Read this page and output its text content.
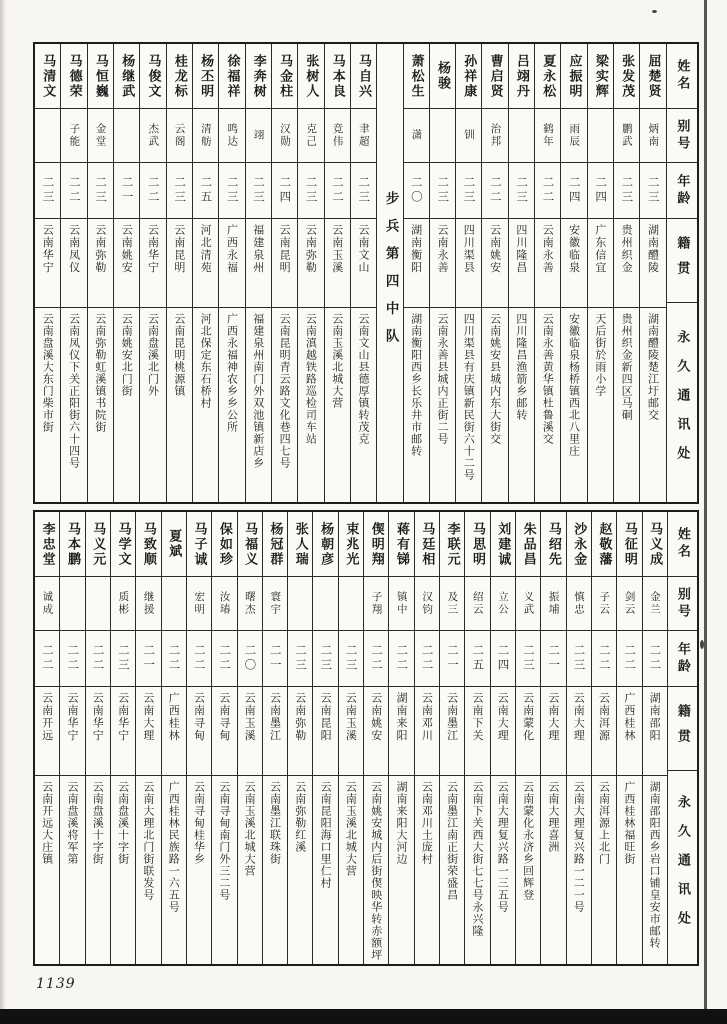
姓名
别号
年龄
籍贯
永久通讯处
屈楚贤
炳南
二三
湖南醴陵
湖南醴陵楚江圩邮交
张发茂
鹏武
二三
贵州织金
贵州织金新四区马硐
梁实辉
二四
广东信宜
天后街於雨小学
应振明
雨辰
二四
安徽临泉
安徽临泉杨桥镇西北八里庄
夏永松
鹤年
二二
云南永善
云南永善黄华镇杜鲁溪交
吕翊丹
二三
四川隆昌
四川隆昌渔箭乡邮转
曹启贤
治邦
二二
云南姚安
云南姚安县城内东大街交
孙祥康
钏
二三
四川渠县
四川渠县有庆镇新民街六十二号
杨骏
二三
云南永善
云南永善县城内正街二号
萧松生
潇
二〇
湖南衡阳
湖南衡阳西乡长乐井市邮转
步兵第四中队
马自兴
聿超
二三
云南文山
云南文山县德厚镇转茂克
马本良
竞伟
二二
云南玉溪
云南玉溪北城大营
张树人
克己
二三
云南弥勒
云南滇越铁路巡检司车站
马金柱
汉勋
二四
云南昆明
云南昆明青云路文化巷四七号
李奔树
翊
二三
福建泉州
福建泉州南门外双池镇新店乡
徐福祥
鸣达
二三
广西永福
广西永福神农乡乡公所
杨丕明
清舫
二五
河北清苑
河北保定东石桥村
桂龙标
云阁
二三
云南昆明
云南昆明桃源镇
马俊文
杰武
二二
云南华宁
云南盘溪北门外
杨继武
二一
云南姚安
云南姚安北门街
马恒巍
金堂
二三
云南弥勒
云南弥勒虹溪镇书院街
马德荣
子能
二二
云南凤仪
云南凤仪下关正阳街六十四号
马清文
二三
云南华宁
云南盘溪大东门柴市街
姓名
别号
年龄
籍贯
永久通讯处
马义成
金兰
二二
湖南邵阳
湖南邵阳西乡岩口铺皇安市邮转
马征明
剑云
二二
广西桂林
广西桂林福旺街
赵敬藩
子云
二二
云南洱源
云南洱源上北门
沙永金
慎忠
二三
云南大理
云南大理复兴路一二一号
马绍先
振埔
二一
云南大理
云南大理喜洲
朱品昌
义武
二三
云南蒙化
云南蒙化永济乡回辉登
刘建诚
立公
二四
云南大理
云南大理复兴路一三五号
马思明
绍云
二五
云南下关
云南下关西大街七七号永兴隆
李联元
及三
二一
云南墨江
云南墨江南正街荣盛昌
马廷相
汉钧
二二
云南邓川
云南邓川土庞村
蒋有锑
镇中
二二
湖南来阳
湖南来阳大河边
偰明翔
子翔
二二
云南姚安
云南姚安城内后街偰映华转赤额坪
束兆光
二三
云南玉溪
云南玉溪北城大营
杨朝彦
二三
云南昆阳
云南昆阳海口里仁村
张人瑞
二三
云南弥勒
云南弥勒红溪
杨冠群
寰宇
二一
云南墨江
云南墨江联珠街
马福义
曙杰
二〇
云南玉溪
云南玉溪北城大营
保如珍
汝瑃
二二
云南寻甸
云南寻甸南门外三二号
马子诚
宏明
二二
云南寻甸
云南寻甸桂华乡
夏斌
二二
广西桂林
广西桂林民族路一六五号
马致顺
继援
二一
云南大理
云南大理北门街联发号
马学文
质彬
二三
云南华宁
云南盘溪十字街
马义元
二二
云南华宁
云南盘溪十字街
马本鹏
二二
云南华宁
云南盘溪将军第
李忠堂
诚成
二二
云南开远
云南开远大庄镇
1139
